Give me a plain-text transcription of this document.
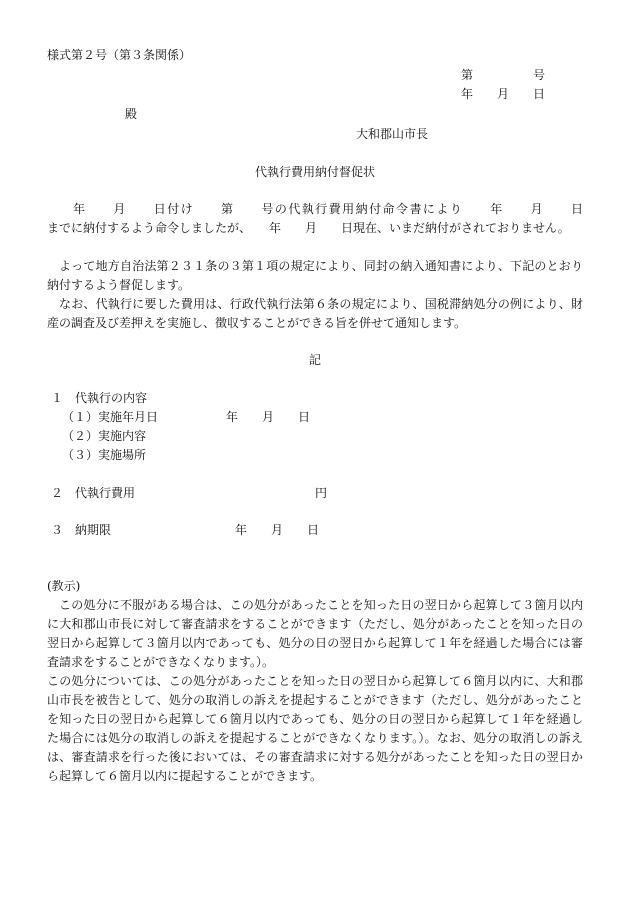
様式第２号（第３条関係）
第　　　　　号
年　　月　　日
殿
大和郡山市長
代執行費用納付督促状
年　　月　　日付け　　第　　号の代執行費用納付命令書により　　年　　月　　日
までに納付するよう命令しましたが、　　年　　月　　日現在、いまだ納付がされておりません。
よって地方自治法第２３１条の３第１項の規定により、同封の納入通知書により、下記のとおり納付するよう督促します。
なお、代執行に要した費用は、行政代執行法第６条の規定により、国税滞納処分の例により、財産の調査及び差押えを実施し、徴収することができる旨を併せて通知します。
記
１　代執行の内容
（１）実施年月日	年　　月　　日
（２）実施内容
（３）実施場所
２　代執行費用	円
３　納期限	年　　月　　日
(教示)
この処分に不服がある場合は、この処分があったことを知った日の翌日から起算して３箇月以内に大和郡山市長に対して審査請求をすることができます（ただし、処分があったことを知った日の翌日から起算して３箇月以内であっても、処分の日の翌日から起算して１年を経過した場合には審査請求をすることができなくなります。）。
この処分については、この処分があったことを知った日の翌日から起算して６箇月以内に、大和郡山市長を被告として、処分の取消しの訴えを提起することができます（ただし、処分があったことを知った日の翌日から起算して６箇月以内であっても、処分の日の翌日から起算して１年を経過した場合には処分の取消しの訴えを提起することができなくなります。）。なお、処分の取消しの訴えは、審査請求を行った後においては、その審査請求に対する処分があったことを知った日の翌日から起算して６箇月以内に提起することができます。
